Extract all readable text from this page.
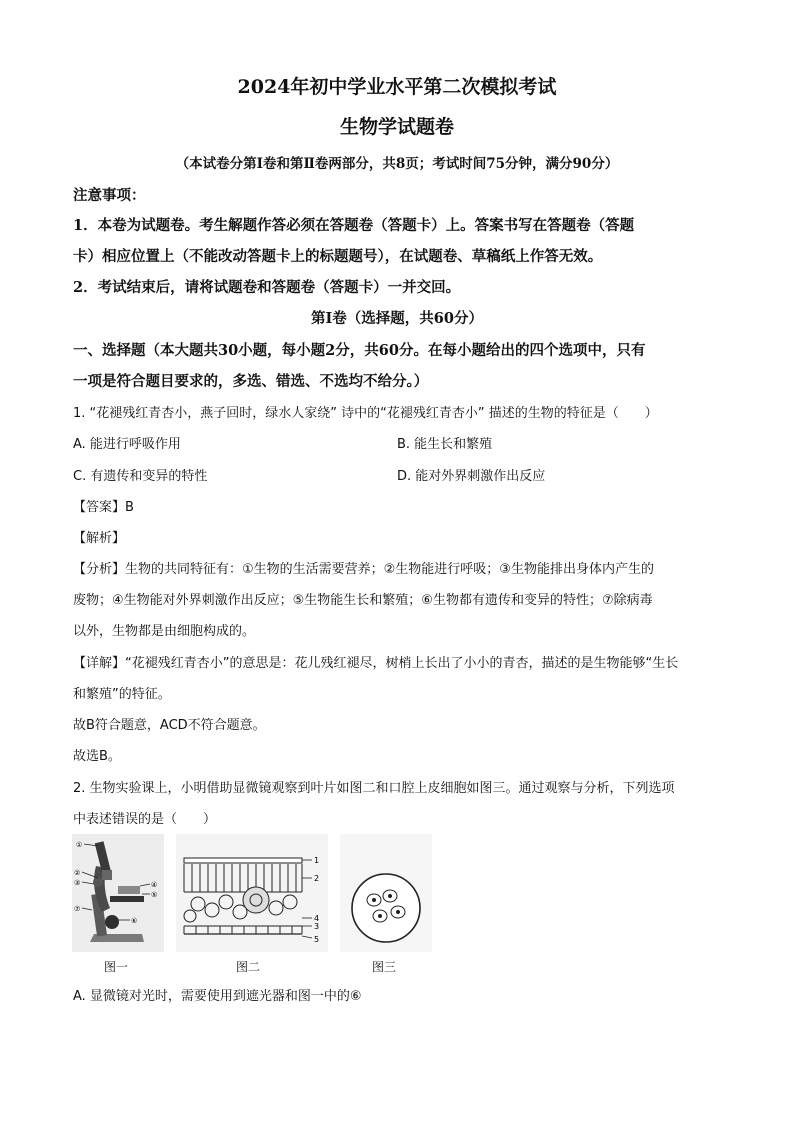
2024年初中学业水平第二次模拟考试
生物学试题卷
（本试卷分第Ⅰ卷和第Ⅱ卷两部分，共8页；考试时间75分钟，满分90分）
注意事项：
1．本卷为试题卷。考生解题作答必须在答题卷（答题卡）上。答案书写在答题卷（答题
卡）相应位置上（不能改动答题卡上的标题题号），在试题卷、草稿纸上作答无效。
2．考试结束后，请将试题卷和答题卷（答题卡）一并交回。
第Ⅰ卷（选择题，共60分）
一、选择题（本大题共30小题，每小题2分，共60分。在每小题给出的四个选项中，只有
一项是符合题目要求的，多选、错选、不选均不给分。）
1. “花褪残红青杏小，燕子回时，绿水人家绕” 诗中的“花褪残红青杏小” 描述的生物的特征是（　　）
A. 能进行呼吸作用	B. 能生长和繁殖
C. 有遗传和变异的特性	D. 能对外界刺激作出反应
【答案】B
【解析】
【分析】生物的共同特征有：①生物的生活需要营养；②生物能进行呼吸；③生物能排出身体内产生的
废物；④生物能对外界刺激作出反应；⑤生物能生长和繁殖；⑥生物都有遗传和变异的特性；⑦除病毒
以外，生物都是由细胞构成的。
【详解】“花褪残红青杏小”的意思是：花儿残红褪尽，树梢上长出了小小的青杏，描述的是生物能够“生长
和繁殖”的特征。
故B符合题意，ACD不符合题意。
故选B。
2. 生物实验课上，小明借助显微镜观察到叶片如图二和口腔上皮细胞如图三。通过观察与分析，下列选项
中表述错误的是（　　）
①
②
③
⑦
④
⑤
⑥
1
2
4
3
5
图一	图二	图三
A. 显微镜对光时，需要使用到遮光器和图一中的⑥
